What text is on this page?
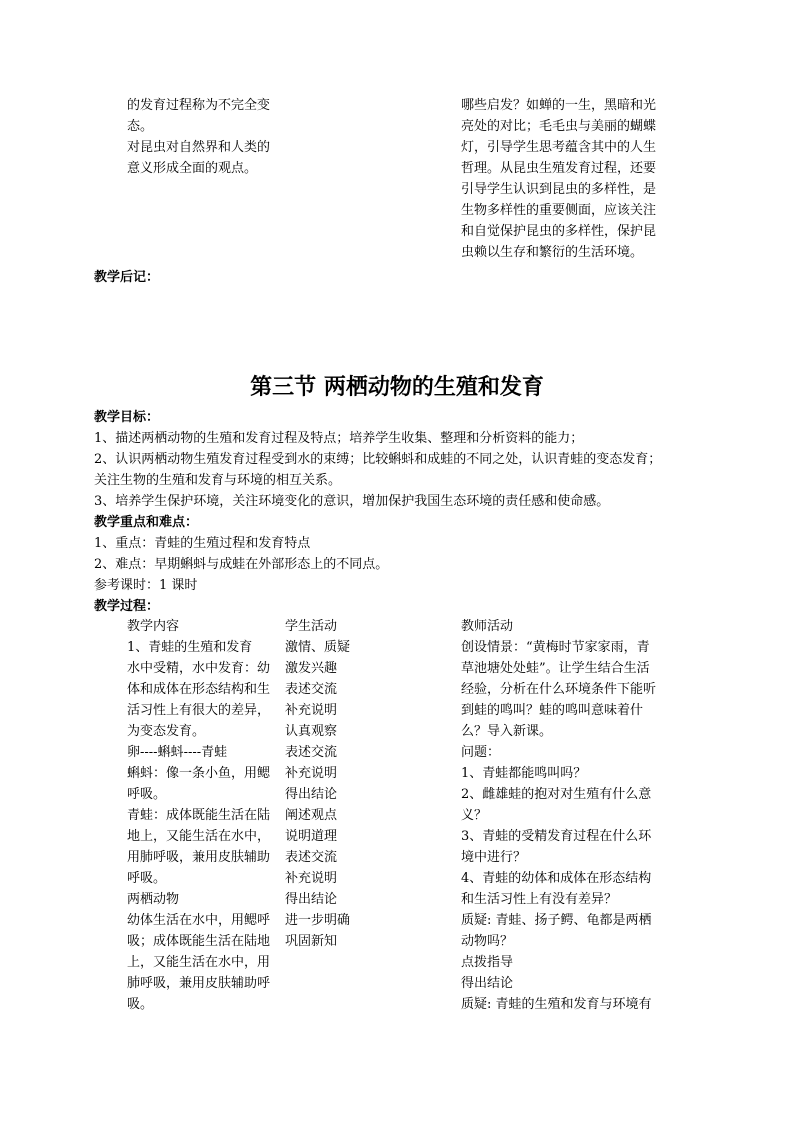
的发育过程称为不完全变
态。
对昆虫对自然界和人类的
意义形成全面的观点。
哪些启发？如蝉的一生，黑暗和光
亮处的对比；毛毛虫与美丽的蝴蝶
灯，引导学生思考蕴含其中的人生
哲理。从昆虫生殖发育过程，还要
引导学生认识到昆虫的多样性，是
生物多样性的重要侧面，应该关注
和自觉保护昆虫的多样性，保护昆
虫赖以生存和繁衍的生活环境。
教学后记：
第三节 两栖动物的生殖和发育
教学目标：
1、描述两栖动物的生殖和发育过程及特点；培养学生收集、整理和分析资料的能力；
2、认识两栖动物生殖发育过程受到水的束缚；比较蝌蚪和成蛙的不同之处，认识青蛙的变态发育；
关注生物的生殖和发育与环境的相互关系。
3、培养学生保护环境，关注环境变化的意识，增加保护我国生态环境的责任感和使命感。
教学重点和难点：
1、重点：青蛙的生殖过程和发育特点
2、难点：早期蝌蚪与成蛙在外部形态上的不同点。
参考课时：1 课时
教学过程：
教学内容	学生活动	教师活动
1、青蛙的生殖和发育
水中受精，水中发育：幼
体和成体在形态结构和生
活习性上有很大的差异，
为变态发育。
卵----蝌蚪----青蛙
蝌蚪：像一条小鱼，用鳃
呼吸。
青蛙：成体既能生活在陆
地上，又能生活在水中，
用肺呼吸，兼用皮肤辅助
呼吸。
两栖动物
幼体生活在水中，用鳃呼
吸；成体既能生活在陆地
上，又能生活在水中，用
肺呼吸，兼用皮肤辅助呼
吸。
激情、质疑
激发兴趣
表述交流
补充说明
认真观察
表述交流
补充说明
得出结论
阐述观点
说明道理
表述交流
补充说明
得出结论
进一步明确
巩固新知
创设情景：“黄梅时节家家雨，青
草池塘处处蛙”。让学生结合生活
经验，分析在什么环境条件下能听
到蛙的鸣叫？蛙的鸣叫意味着什
么？导入新课。
问题：
1、青蛙都能鸣叫吗？
2、雌雄蛙的抱对对生殖有什么意
义？
3、青蛙的受精发育过程在什么环
境中进行？
4、青蛙的幼体和成体在形态结构
和生活习性上有没有差异？
质疑: 青蛙、扬子鳄、龟都是两栖
动物吗？
点拨指导
得出结论
质疑: 青蛙的生殖和发育与环境有
